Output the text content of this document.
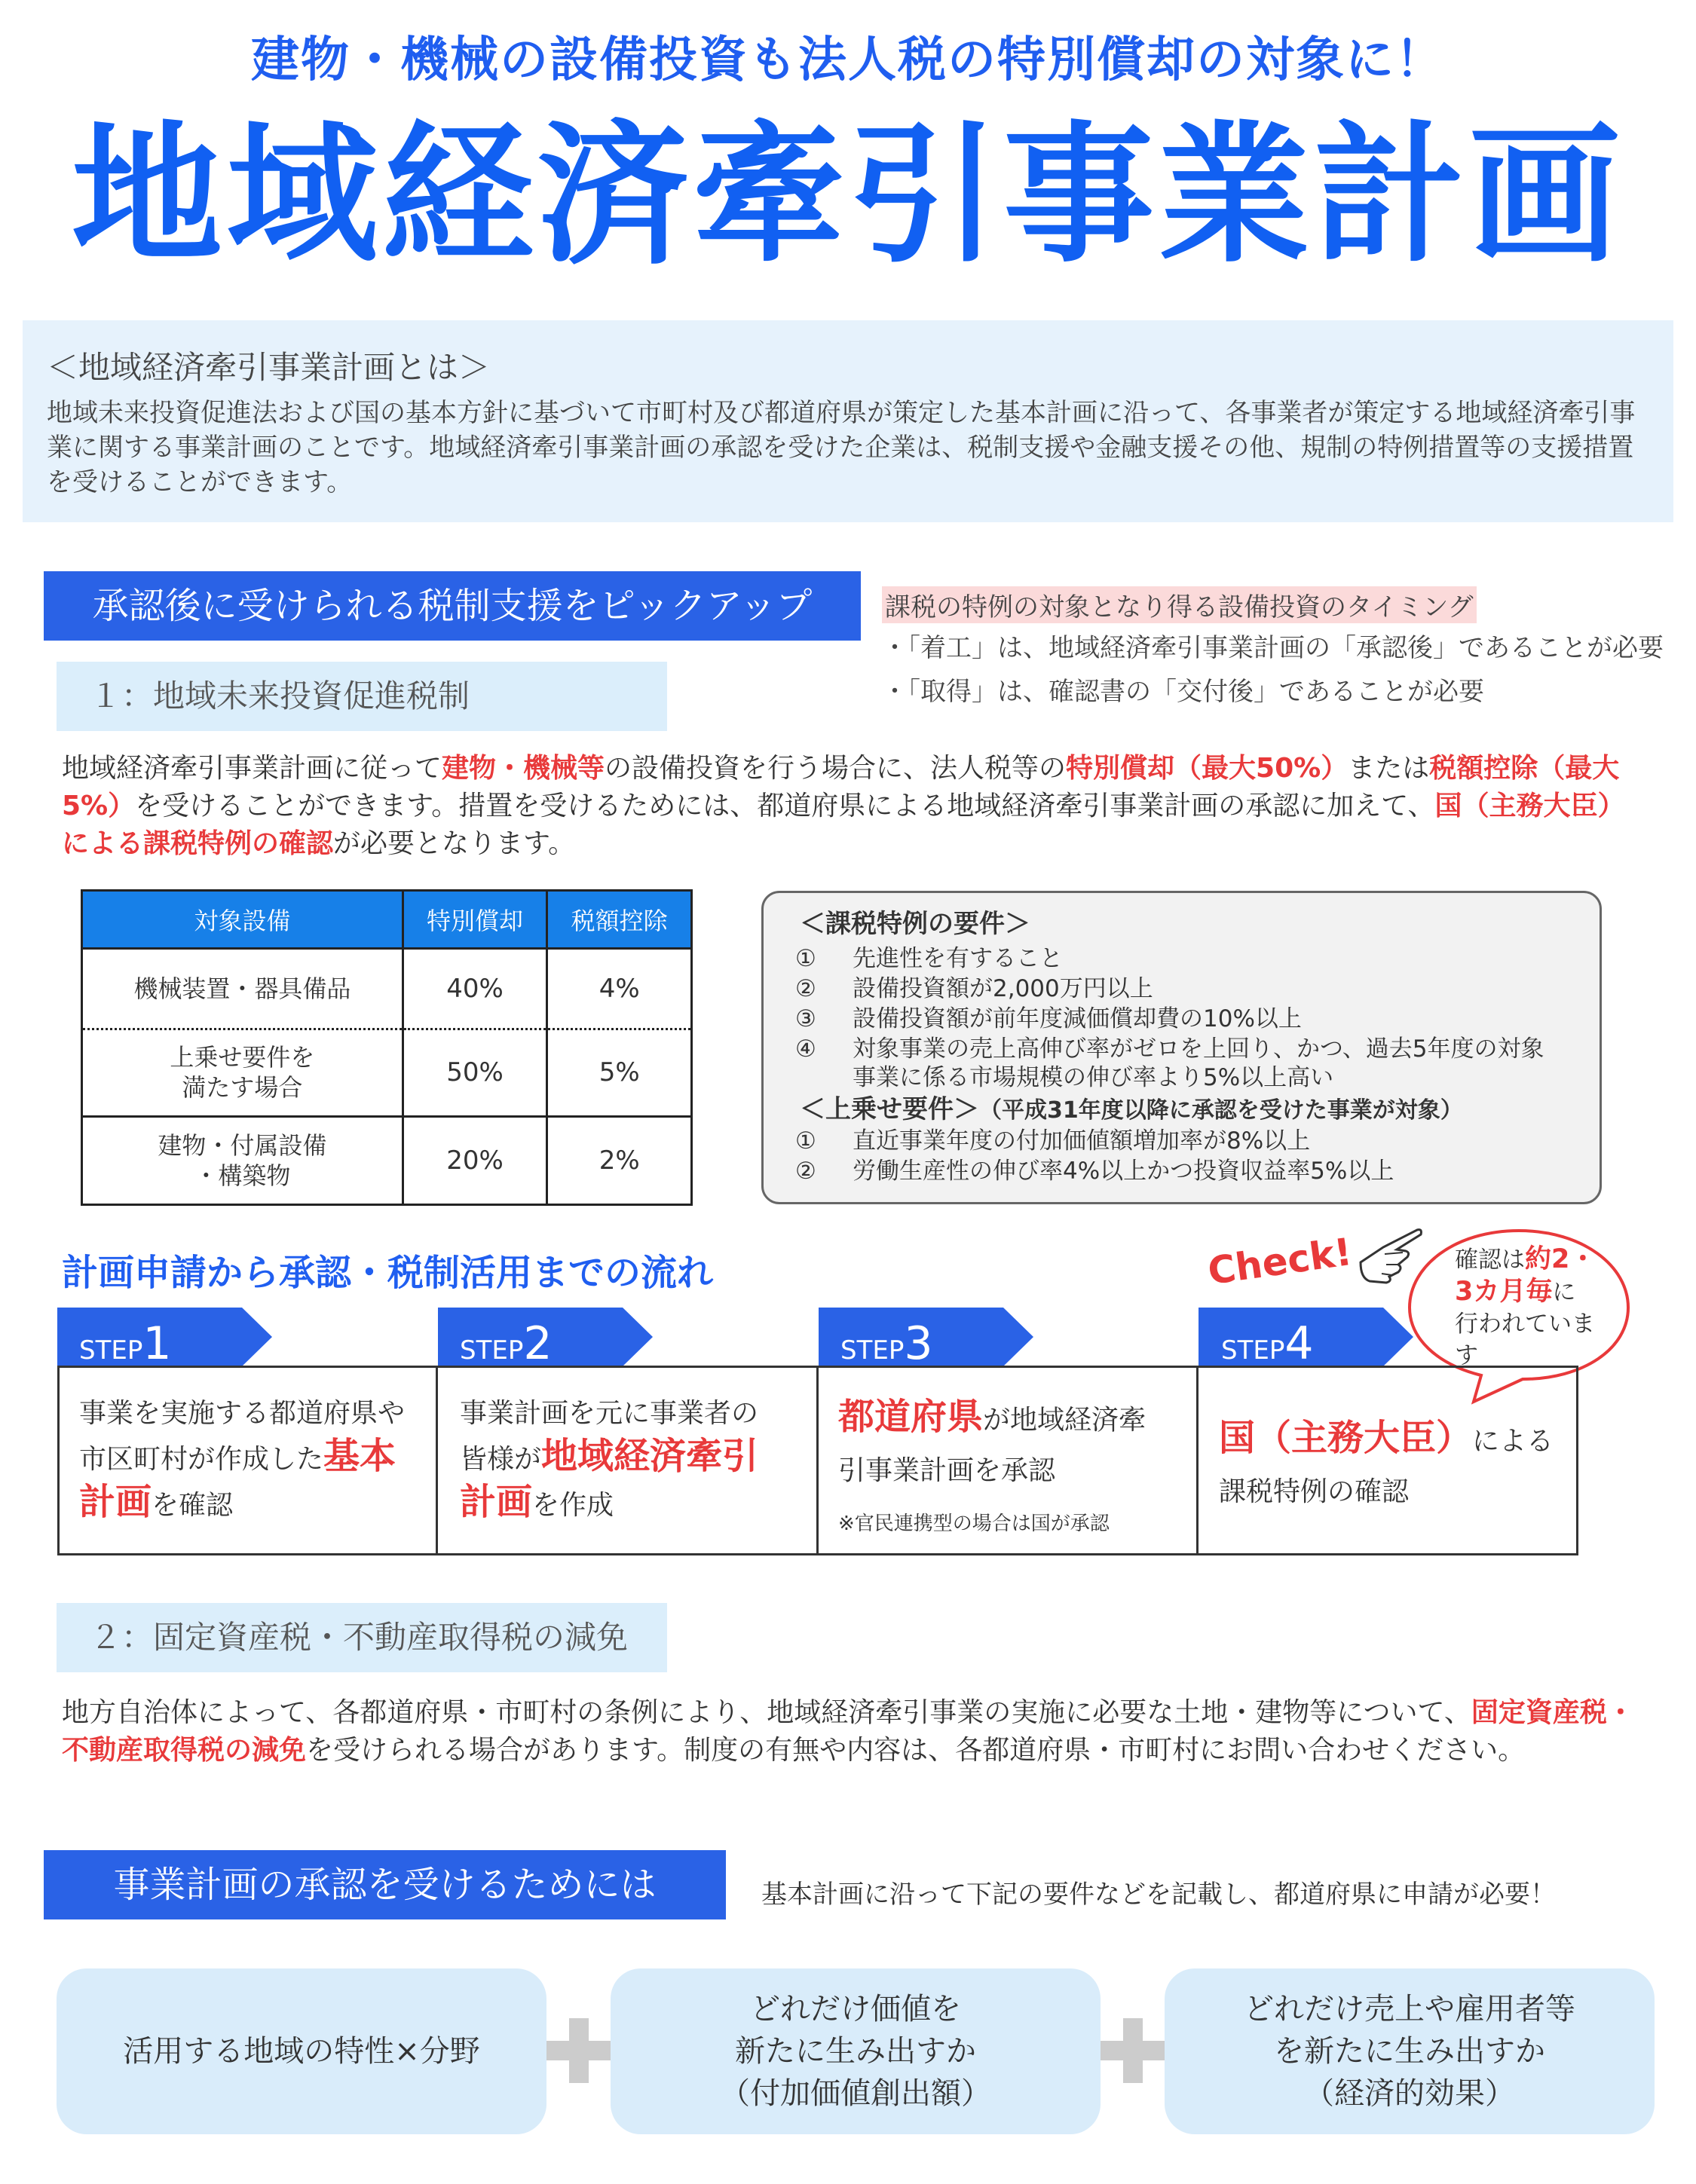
建物・機械の設備投資も法人税の特別償却の対象に！
地域経済牽引事業計画
＜地域経済牽引事業計画とは＞
地域未来投資促進法および国の基本方針に基づいて市町村及び都道府県が策定した基本計画に沿って、各事業者が策定する地域経済牽引事業に関する事業計画のことです。地域経済牽引事業計画の承認を受けた企業は、税制支援や金融支援その他、規制の特例措置等の支援措置を受けることができます。
承認後に受けられる税制支援をピックアップ	課税の特例の対象となり得る設備投資のタイミング
・「着工」は、地域経済牽引事業計画の「承認後」であることが必要
・「取得」は、確認書の「交付後」であることが必要
１：地域未来投資促進税制
地域経済牽引事業計画に従って建物・機械等の設備投資を行う場合に、法人税等の特別償却（最大50%）または税額控除（最大5%）を受けることができます。措置を受けるためには、都道府県による地域経済牽引事業計画の承認に加えて、国（主務大臣）による課税特例の確認が必要となります。
対象設備	特別償却	税額控除
機械装置・器具備品	40%	4%
上乗せ要件を
満たす場合	50%	5%
建物・付属設備
・構築物	20%	2%
＜課税特例の要件＞
① 先進性を有すること
② 設備投資額が2,000万円以上
③ 設備投資額が前年度減価償却費の10%以上
④ 対象事業の売上高伸び率がゼロを上回り、かつ、過去5年度の対象
事業に係る市場規模の伸び率より5%以上高い
＜上乗せ要件＞（平成31年度以降に承認を受けた事業が対象）
① 直近事業年度の付加価値額増加率が8%以上
② 労働生産性の伸び率4%以上かつ投資収益率5%以上
計画申請から承認・税制活用までの流れ	Check!	確認は約2・
3カ月毎に
行われていま
す
STEP1	STEP2	STEP3	STEP4
事業を実施する都道府県や
市区町村が作成した基本
計画を確認
事業計画を元に事業者の
皆様が地域経済牽引
計画を作成
都道府県が地域経済牽
引事業計画を承認
※官民連携型の場合は国が承認
国（主務大臣）による
課税特例の確認
２：固定資産税・不動産取得税の減免
地方自治体によって、各都道府県・市町村の条例により、地域経済牽引事業の実施に必要な土地・建物等について、固定資産税・不動産取得税の減免を受けられる場合があります。制度の有無や内容は、各都道府県・市町村にお問い合わせください。
事業計画の承認を受けるためには	基本計画に沿って下記の要件などを記載し、都道府県に申請が必要！
活用する地域の特性×分野
どれだけ価値を
新たに生み出すか
（付加価値創出額）
どれだけ売上や雇用者等
を新たに生み出すか
（経済的効果）
